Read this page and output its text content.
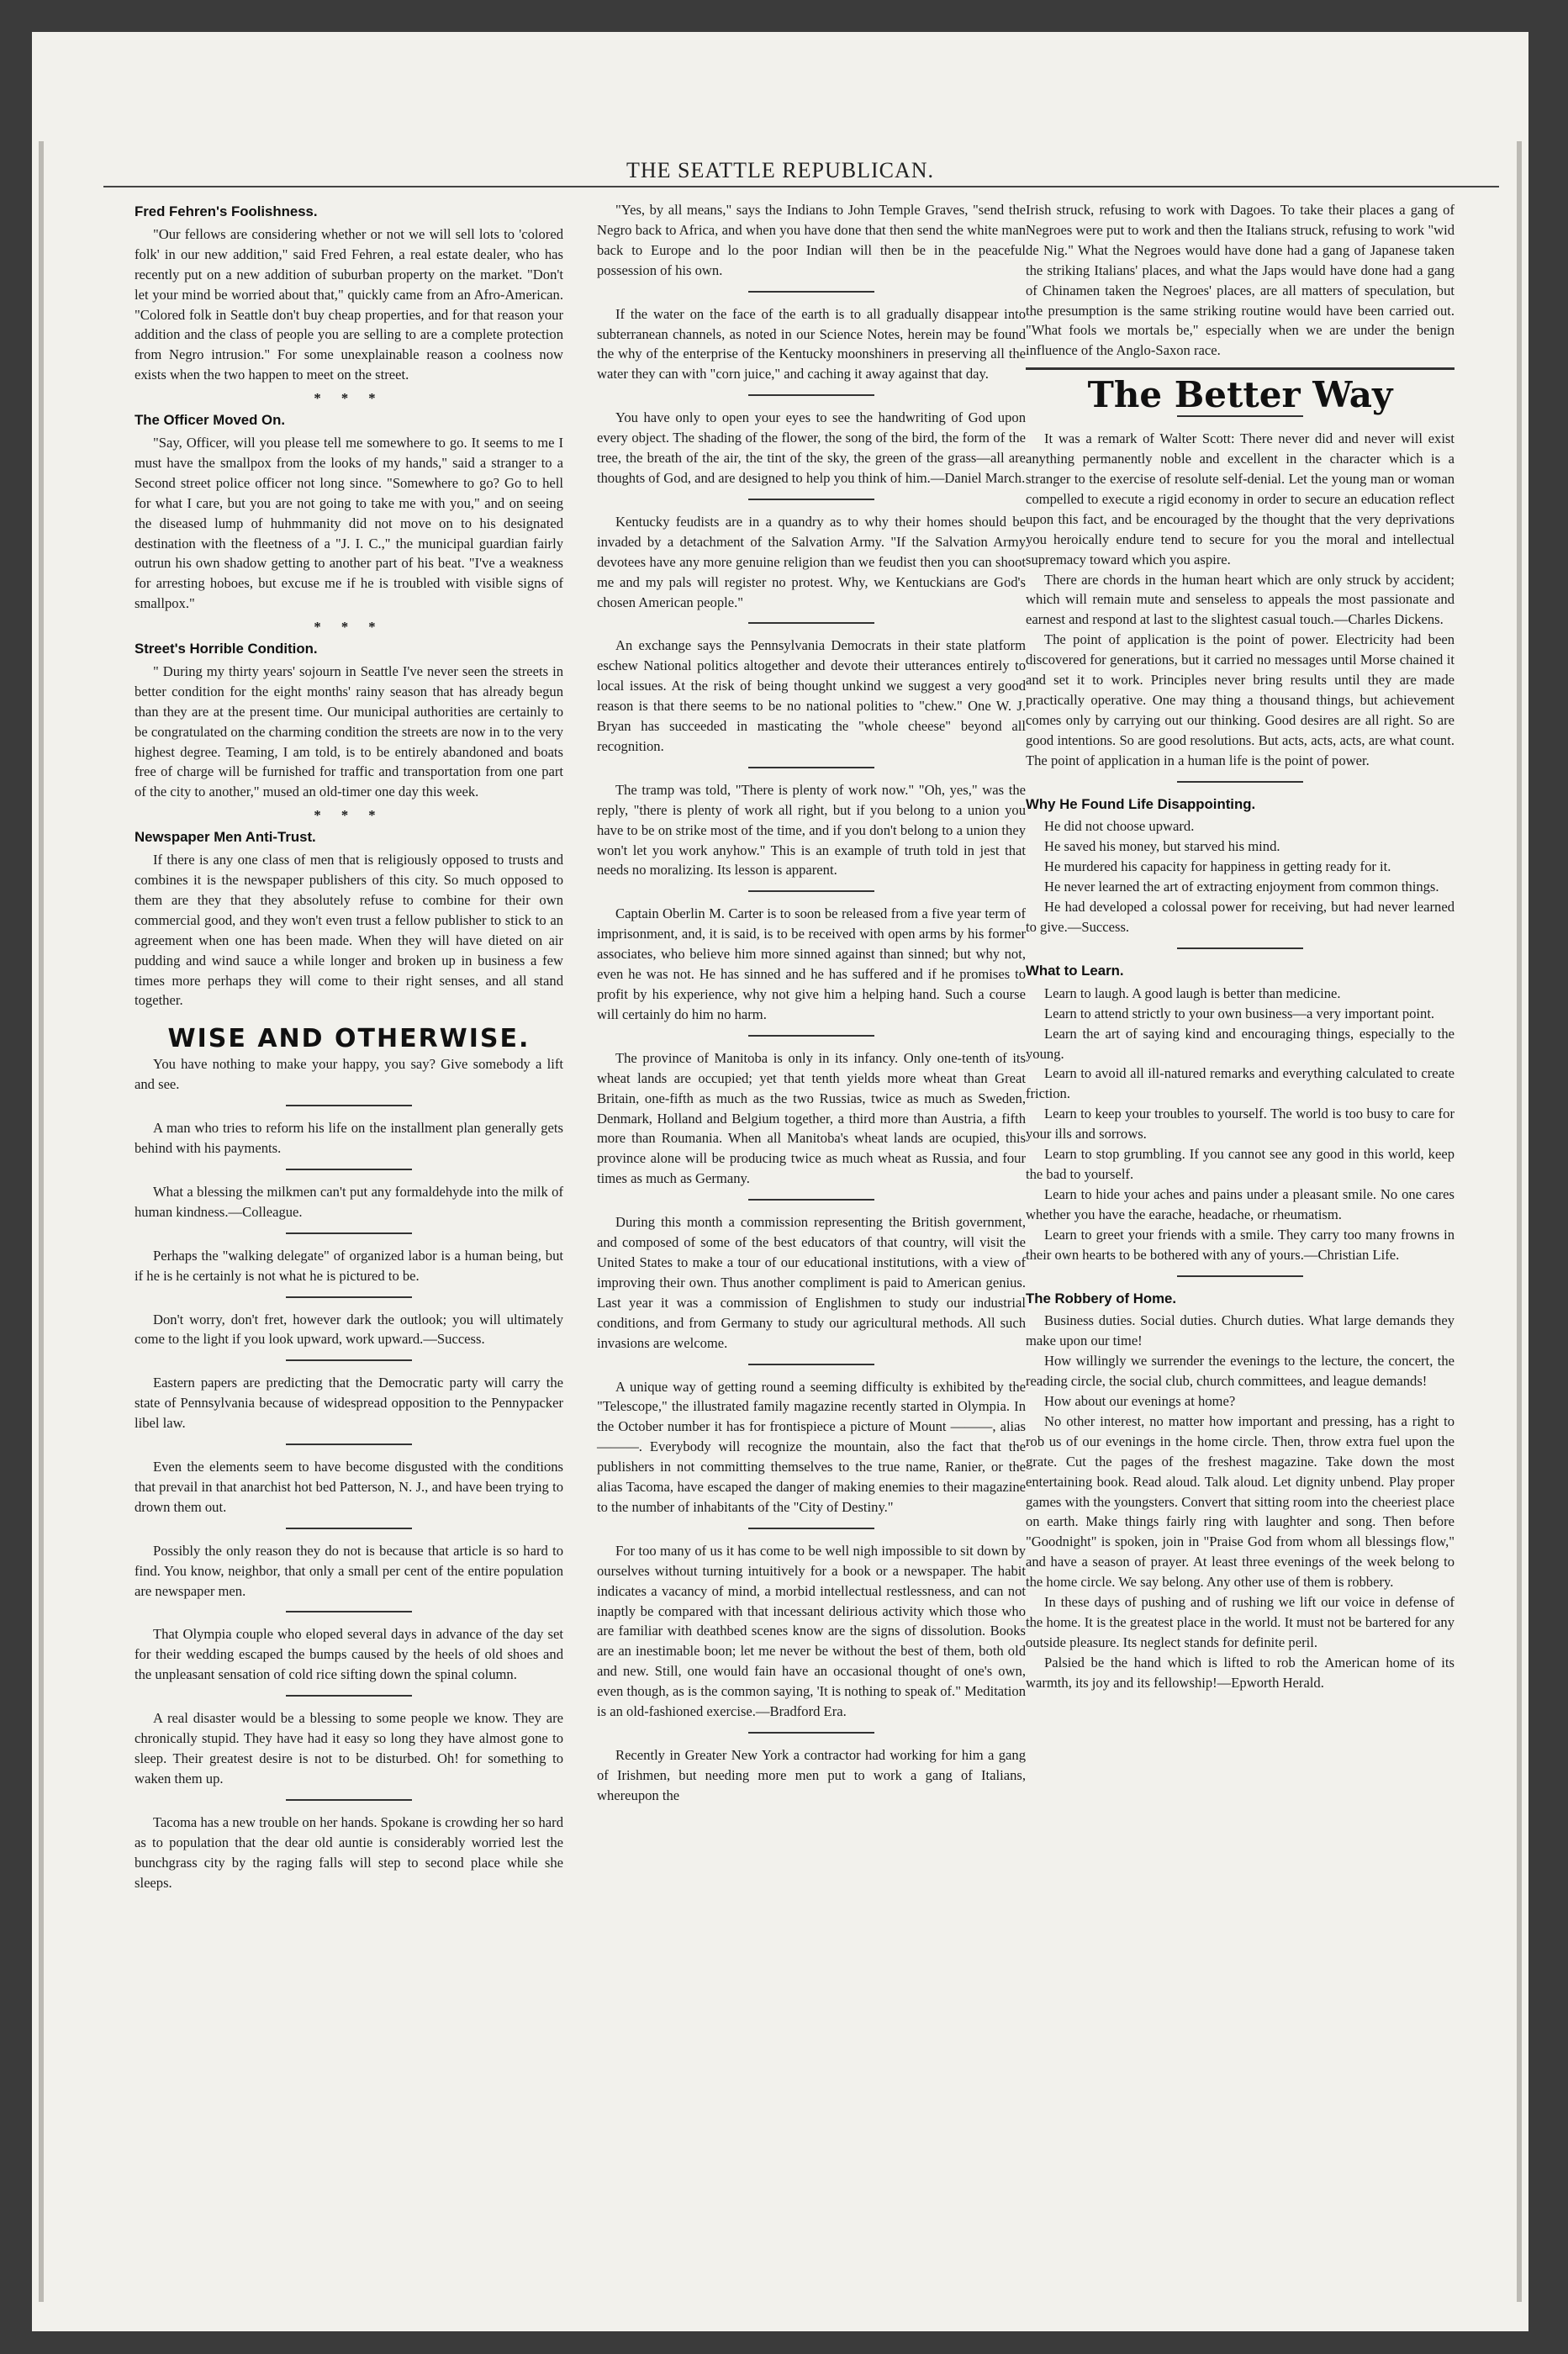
THE SEATTLE REPUBLICAN.
Fred Fehren's Foolishness.

"Our fellows are considering whether or not we will sell lots to 'colored folk' in our new addition," said Fred Fehren, a real estate dealer, who has recently put on a new addition of suburban property on the market. "Don't let your mind be worried about that," quickly came from an Afro-American. "Colored folk in Seattle don't buy cheap properties, and for that reason your addition and the class of people you are selling to are a complete protection from Negro intrusion." For some unexplainable reason a coolness now exists when the two happen to meet on the street.

* * *
The Officer Moved On.

"Say, Officer, will you please tell me somewhere to go. It seems to me I must have the smallpox from the looks of my hands," said a stranger to a Second street police officer not long since. "Somewhere to go? Go to hell for what I care, but you are not going to take me with you," and on seeing the diseased lump of huhmmanity did not move on to his designated destination with the fleetness of a "J. I. C.," the municipal guardian fairly outrun his own shadow getting to another part of his beat. "I've a weakness for arresting hoboes, but excuse me if he is troubled with visible signs of smallpox."

* * *
Street's Horrible Condition.

" During my thirty years' sojourn in Seattle I've never seen the streets in better condition for the eight months' rainy season that has already begun than they are at the present time. Our municipal authorities are certainly to be congratulated on the charming condition the streets are now in to the very highest degree. Teaming, I am told, is to be entirely abandoned and boats free of charge will be furnished for traffic and transportation from one part of the city to another," mused an old-timer one day this week.

* * *
Newspaper Men Anti-Trust.

If there is any one class of men that is religiously opposed to trusts and combines it is the newspaper publishers of this city. So much opposed to them are they that they absolutely refuse to combine for their own commercial good, and they won't even trust a fellow publisher to stick to an agreement when one has been made. When they will have dieted on air pudding and wind sauce a while longer and broken up in business a few times more perhaps they will come to their right senses, and all stand together.

WISE AND OTHERWISE.

You have nothing to make your happy, you say? Give somebody a lift and see.

A man who tries to reform his life on the installment plan generally gets behind with his payments.

What a blessing the milkmen can't put any formaldehyde into the milk of human kindness.—Colleague.

Perhaps the "walking delegate" of organized labor is a human being, but if he is he certainly is not what he is pictured to be.

Don't worry, don't fret, however dark the outlook; you will ultimately come to the light if you look upward, work upward.—Success.

Eastern papers are predicting that the Democratic party will carry the state of Pennsylvania because of widespread opposition to the Pennypacker libel law.

Even the elements seem to have become disgusted with the conditions that prevail in that anarchist hot bed Patterson, N. J., and have been trying to drown them out.

Possibly the only reason they do not is because that article is so hard to find. You know, neighbor, that only a small per cent of the entire population are newspaper men.

That Olympia couple who eloped several days in advance of the day set for their wedding escaped the bumps caused by the heels of old shoes and the unpleasant sensation of cold rice sifting down the spinal column.

A real disaster would be a blessing to some people we know. They are chronically stupid. They have had it easy so long they have almost gone to sleep. Their greatest desire is not to be disturbed. Oh! for something to waken them up.

Tacoma has a new trouble on her hands. Spokane is crowding her so hard as to population that the dear old auntie is considerably worried lest the bunchgrass city by the raging falls will step to second place while she sleeps.

"Yes, by all means," says the Indians to John Temple Graves, "send the Negro back to Africa, and when you have done that then send the white man back to Europe and lo the poor Indian will then be in the peaceful possession of his own.

If the water on the face of the earth is to all gradually disappear into subterranean channels, as noted in our Science Notes, herein may be found the why of the enterprise of the Kentucky moonshiners in preserving all the water they can with "corn juice," and caching it away against that day.

You have only to open your eyes to see the handwriting of God upon every object. The shading of the flower, the song of the bird, the form of the tree, the breath of the air, the tint of the sky, the green of the grass—all are thoughts of God, and are designed to help you think of him.—Daniel March.

Kentucky feudists are in a quandry as to why their homes should be invaded by a detachment of the Salvation Army. "If the Salvation Army devotees have any more genuine religion than we feudist then you can shoot me and my pals will register no protest. Why, we Kentuckians are God's chosen American people."

An exchange says the Pennsylvania Democrats in their state platform eschew National politics altogether and devote their utterances entirely to local issues. At the risk of being thought unkind we suggest a very good reason is that there seems to be no national polities to "chew." One W. J. Bryan has succeeded in masticating the "whole cheese" beyond all recognition.

The tramp was told, "There is plenty of work now." "Oh, yes," was the reply, "there is plenty of work all right, but if you belong to a union you have to be on strike most of the time, and if you don't belong to a union they won't let you work anyhow." This is an example of truth told in jest that needs no moralizing. Its lesson is apparent.

Captain Oberlin M. Carter is to soon be released from a five year term of imprisonment, and, it is said, is to be received with open arms by his former associates, who believe him more sinned against than sinned; but why not, even he was not. He has sinned and he has suffered and if he promises to profit by his experience, why not give him a helping hand. Such a course will certainly do him no harm.

The province of Manitoba is only in its infancy. Only one-tenth of its wheat lands are occupied; yet that tenth yields more wheat than Great Britain, one-fifth as much as the two Russias, twice as much as Sweden, Denmark, Holland and Belgium together, a third more than Austria, a fifth more than Roumania. When all Manitoba's wheat lands are ocupied, this province alone will be producing twice as much wheat as Russia, and four times as much as Germany.

During this month a commission representing the British government, and composed of some of the best educators of that country, will visit the United States to make a tour of our educational institutions, with a view of improving their own. Thus another compliment is paid to American genius. Last year it was a commission of Englishmen to study our industrial conditions, and from Germany to study our agricultural methods. All such invasions are welcome.

A unique way of getting round a seeming difficulty is exhibited by the "Telescope," the illustrated family magazine recently started in Olympia. In the October number it has for frontispiece a picture of Mount ———, alias ———. Everybody will recognize the mountain, also the fact that the publishers in not committing themselves to the true name, Ranier, or the alias Tacoma, have escaped the danger of making enemies to their magazine to the number of inhabitants of the "City of Destiny."

For too many of us it has come to be well nigh impossible to sit down by ourselves without turning intuitively for a book or a newspaper. The habit indicates a vacancy of mind, a morbid intellectual restlessness, and can not inaptly be compared with that incessant delirious activity which those who are familiar with deathbed scenes know are the signs of dissolution. Books are an inestimable boon; let me never be without the best of them, both old and new. Still, one would fain have an occasional thought of one's own, even though, as is the common saying, 'It is nothing to speak of." Meditation is an old-fashioned exercise.—Bradford Era.

Recently in Greater New York a contractor had working for him a gang of Irishmen, but needing more men put to work a gang of Italians, whereupon the

Irish struck, refusing to work with Dagoes. To take their places a gang of Negroes were put to work and then the Italians struck, refusing to work "wid de Nig." What the Negroes would have done had a gang of Japanese taken the striking Italians' places, and what the Japs would have done had a gang of Chinamen taken the Negroes' places, are all matters of speculation, but the presumption is the same striking routine would have been carried out. "What fools we mortals be," especially when we are under the benign influence of the Anglo-Saxon race.

The Better Way

It was a remark of Walter Scott: There never did and never will exist anything permanently noble and excellent in the character which is a stranger to the exercise of resolute self-denial. Let the young man or woman compelled to execute a rigid economy in order to secure an education reflect upon this fact, and be encouraged by the thought that the very deprivations you heroically endure tend to secure for you the moral and intellectual supremacy toward which you aspire.

There are chords in the human heart which are only struck by accident; which will remain mute and senseless to appeals the most passionate and earnest and respond at last to the slightest casual touch.—Charles Dickens.

The point of application is the point of power. Electricity had been discovered for generations, but it carried no messages until Morse chained it and set it to work. Principles never bring results until they are made practically operative. One may thing a thousand things, but achievement comes only by carrying out our thinking. Good desires are all right. So are good intentions. So are good resolutions. But acts, acts, acts, are what count. The point of application in a human life is the point of power.

Why He Found Life Disappointing.

He did not choose upward.

He saved his money, but starved his mind.

He murdered his capacity for happiness in getting ready for it.

He never learned the art of extracting enjoyment from common things.

He had developed a colossal power for receiving, but had never learned to give.—Success.

What to Learn.

Learn to laugh. A good laugh is better than medicine.

Learn to attend strictly to your own business—a very important point.

Learn the art of saying kind and encouraging things, especially to the young.

Learn to avoid all ill-natured remarks and everything calculated to create friction.

Learn to keep your troubles to yourself. The world is too busy to care for your ills and sorrows.

Learn to stop grumbling. If you cannot see any good in this world, keep the bad to yourself.

Learn to hide your aches and pains under a pleasant smile. No one cares whether you have the earache, headache, or rheumatism.

Learn to greet your friends with a smile. They carry too many frowns in their own hearts to be bothered with any of yours.—Christian Life.

The Robbery of Home.

Business duties. Social duties. Church duties. What large demands they make upon our time!

How willingly we surrender the evenings to the lecture, the concert, the reading circle, the social club, church committees, and league demands!

How about our evenings at home?

No other interest, no matter how important and pressing, has a right to rob us of our evenings in the home circle. Then, throw extra fuel upon the grate. Cut the pages of the freshest magazine. Take down the most entertaining book. Read aloud. Talk aloud. Let dignity unbend. Play proper games with the youngsters. Convert that sitting room into the cheeriest place on earth. Make things fairly ring with laughter and song. Then before "Goodnight" is spoken, join in "Praise God from whom all blessings flow," and have a season of prayer. At least three evenings of the week belong to the home circle. We say belong. Any other use of them is robbery.

In these days of pushing and of rushing we lift our voice in defense of the home. It is the greatest place in the world. It must not be bartered for any outside pleasure. Its neglect stands for definite peril.

Palsied be the hand which is lifted to rob the American home of its warmth, its joy and its fellowship!—Epworth Herald.
